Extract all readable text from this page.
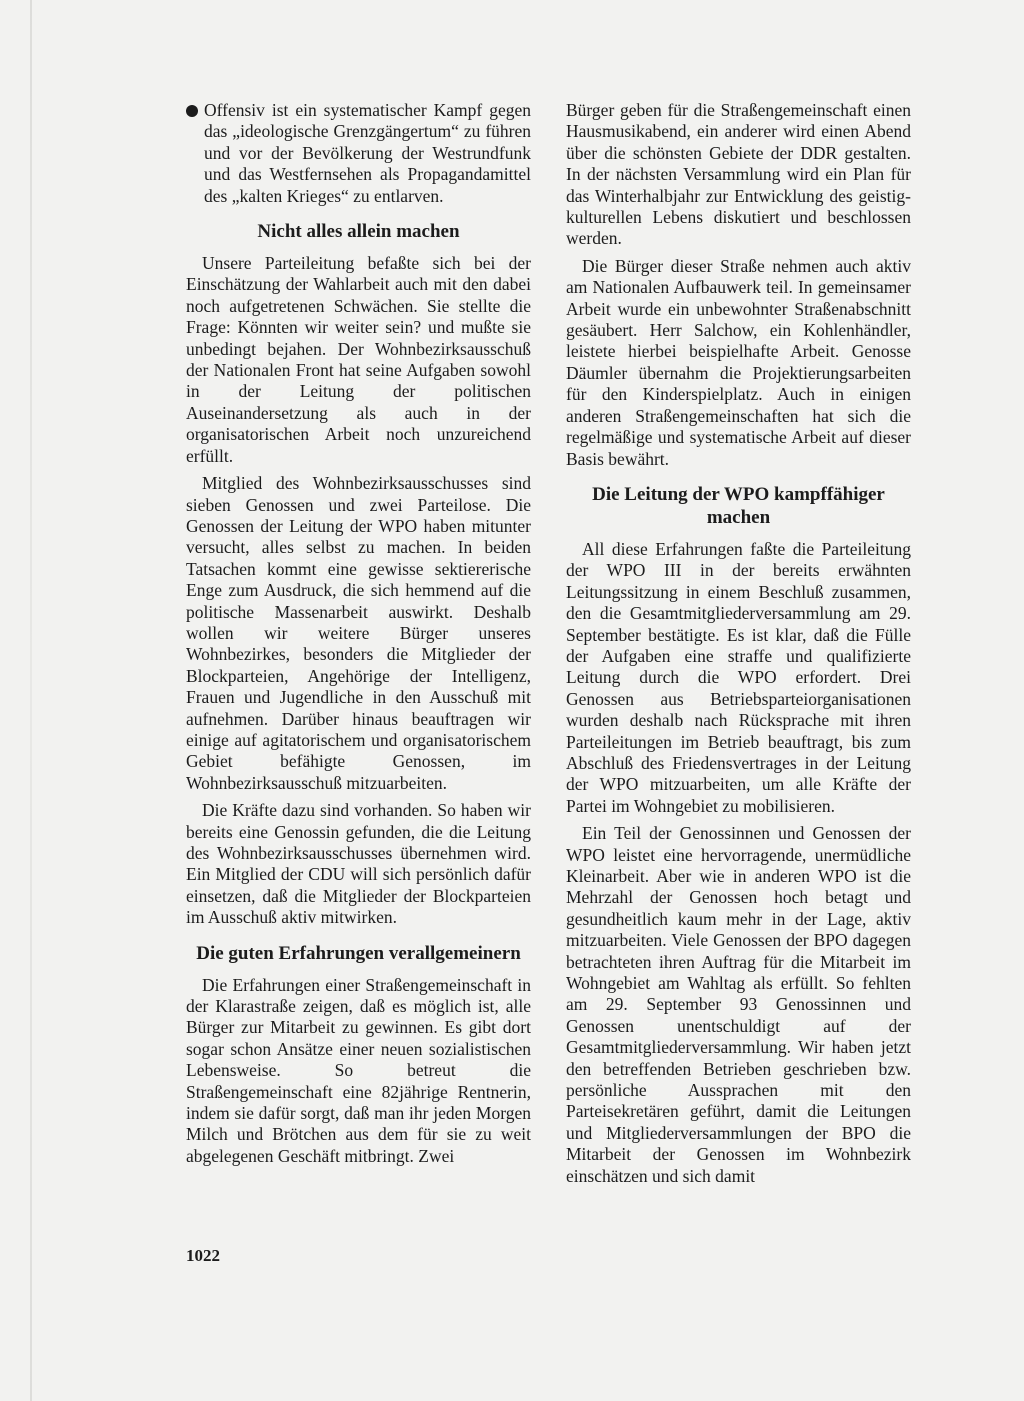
Offensiv ist ein systematischer Kampf gegen das „ideologische Grenzgängertum“ zu führen und vor der Bevölkerung der Westrundfunk und das Westfernsehen als Propagandamittel des „kalten Krieges“ zu entlarven.

Nicht alles allein machen

Unsere Parteileitung befaßte sich bei der Einschätzung der Wahlarbeit auch mit den dabei noch aufgetretenen Schwächen. Sie stellte die Frage: Könnten wir weiter sein? und mußte sie unbedingt bejahen. Der Wohnbezirksausschuß der Nationalen Front hat seine Aufgaben sowohl in der Leitung der politischen Auseinandersetzung als auch in der organisatorischen Arbeit noch unzureichend erfüllt.

Mitglied des Wohnbezirksausschusses sind sieben Genossen und zwei Parteilose. Die Genossen der Leitung der WPO haben mitunter versucht, alles selbst zu machen. In beiden Tatsachen kommt eine gewisse sektiererische Enge zum Ausdruck, die sich hemmend auf die politische Massenarbeit auswirkt. Deshalb wollen wir weitere Bürger unseres Wohnbezirkes, besonders die Mitglieder der Blockparteien, Angehörige der Intelligenz, Frauen und Jugendliche in den Ausschuß mit aufnehmen. Darüber hinaus beauftragen wir einige auf agitatorischem und organisatorischem Gebiet befähigte Genossen, im Wohnbezirksausschuß mitzuarbeiten.

Die Kräfte dazu sind vorhanden. So haben wir bereits eine Genossin gefunden, die die Leitung des Wohnbezirksausschusses übernehmen wird. Ein Mitglied der CDU will sich persönlich dafür einsetzen, daß die Mitglieder der Blockparteien im Ausschuß aktiv mitwirken.

Die guten Erfahrungen verallgemeinern

Die Erfahrungen einer Straßengemeinschaft in der Klarastraße zeigen, daß es möglich ist, alle Bürger zur Mitarbeit zu gewinnen. Es gibt dort sogar schon Ansätze einer neuen sozialistischen Lebensweise. So betreut die Straßengemeinschaft eine 82jährige Rentnerin, indem sie dafür sorgt, daß man ihr jeden Morgen Milch und Brötchen aus dem für sie zu weit abgelegenen Geschäft mitbringt. Zwei

Bürger geben für die Straßengemeinschaft einen Hausmusikabend, ein anderer wird einen Abend über die schönsten Gebiete der DDR gestalten. In der nächsten Versammlung wird ein Plan für das Winterhalbjahr zur Entwicklung des geistig-kulturellen Lebens diskutiert und beschlossen werden.

Die Bürger dieser Straße nehmen auch aktiv am Nationalen Aufbauwerk teil. In gemeinsamer Arbeit wurde ein unbewohnter Straßenabschnitt gesäubert. Herr Salchow, ein Kohlenhändler, leistete hierbei beispielhafte Arbeit. Genosse Däumler übernahm die Projektierungsarbeiten für den Kinderspielplatz. Auch in einigen anderen Straßengemeinschaften hat sich die regelmäßige und systematische Arbeit auf dieser Basis bewährt.

Die Leitung der WPO kampffähiger machen

All diese Erfahrungen faßte die Parteileitung der WPO III in der bereits erwähnten Leitungssitzung in einem Beschluß zusammen, den die Gesamtmitgliederversammlung am 29. September bestätigte. Es ist klar, daß die Fülle der Aufgaben eine straffe und qualifizierte Leitung durch die WPO erfordert. Drei Genossen aus Betriebsparteiorganisationen wurden deshalb nach Rücksprache mit ihren Parteileitungen im Betrieb beauftragt, bis zum Abschluß des Friedensvertrages in der Leitung der WPO mitzuarbeiten, um alle Kräfte der Partei im Wohngebiet zu mobilisieren.

Ein Teil der Genossinnen und Genossen der WPO leistet eine hervorragende, unermüdliche Kleinarbeit. Aber wie in anderen WPO ist die Mehrzahl der Genossen hoch betagt und gesundheitlich kaum mehr in der Lage, aktiv mitzuarbeiten. Viele Genossen der BPO dagegen betrachteten ihren Auftrag für die Mitarbeit im Wohngebiet am Wahltag als erfüllt. So fehlten am 29. September 93 Genossinnen und Genossen unentschuldigt auf der Gesamtmitgliederversammlung. Wir haben jetzt den betreffenden Betrieben geschrieben bzw. persönliche Aussprachen mit den Parteisekretären geführt, damit die Leitungen und Mitgliederversammlungen der BPO die Mitarbeit der Genossen im Wohnbezirk einschätzen und sich damit

1022
